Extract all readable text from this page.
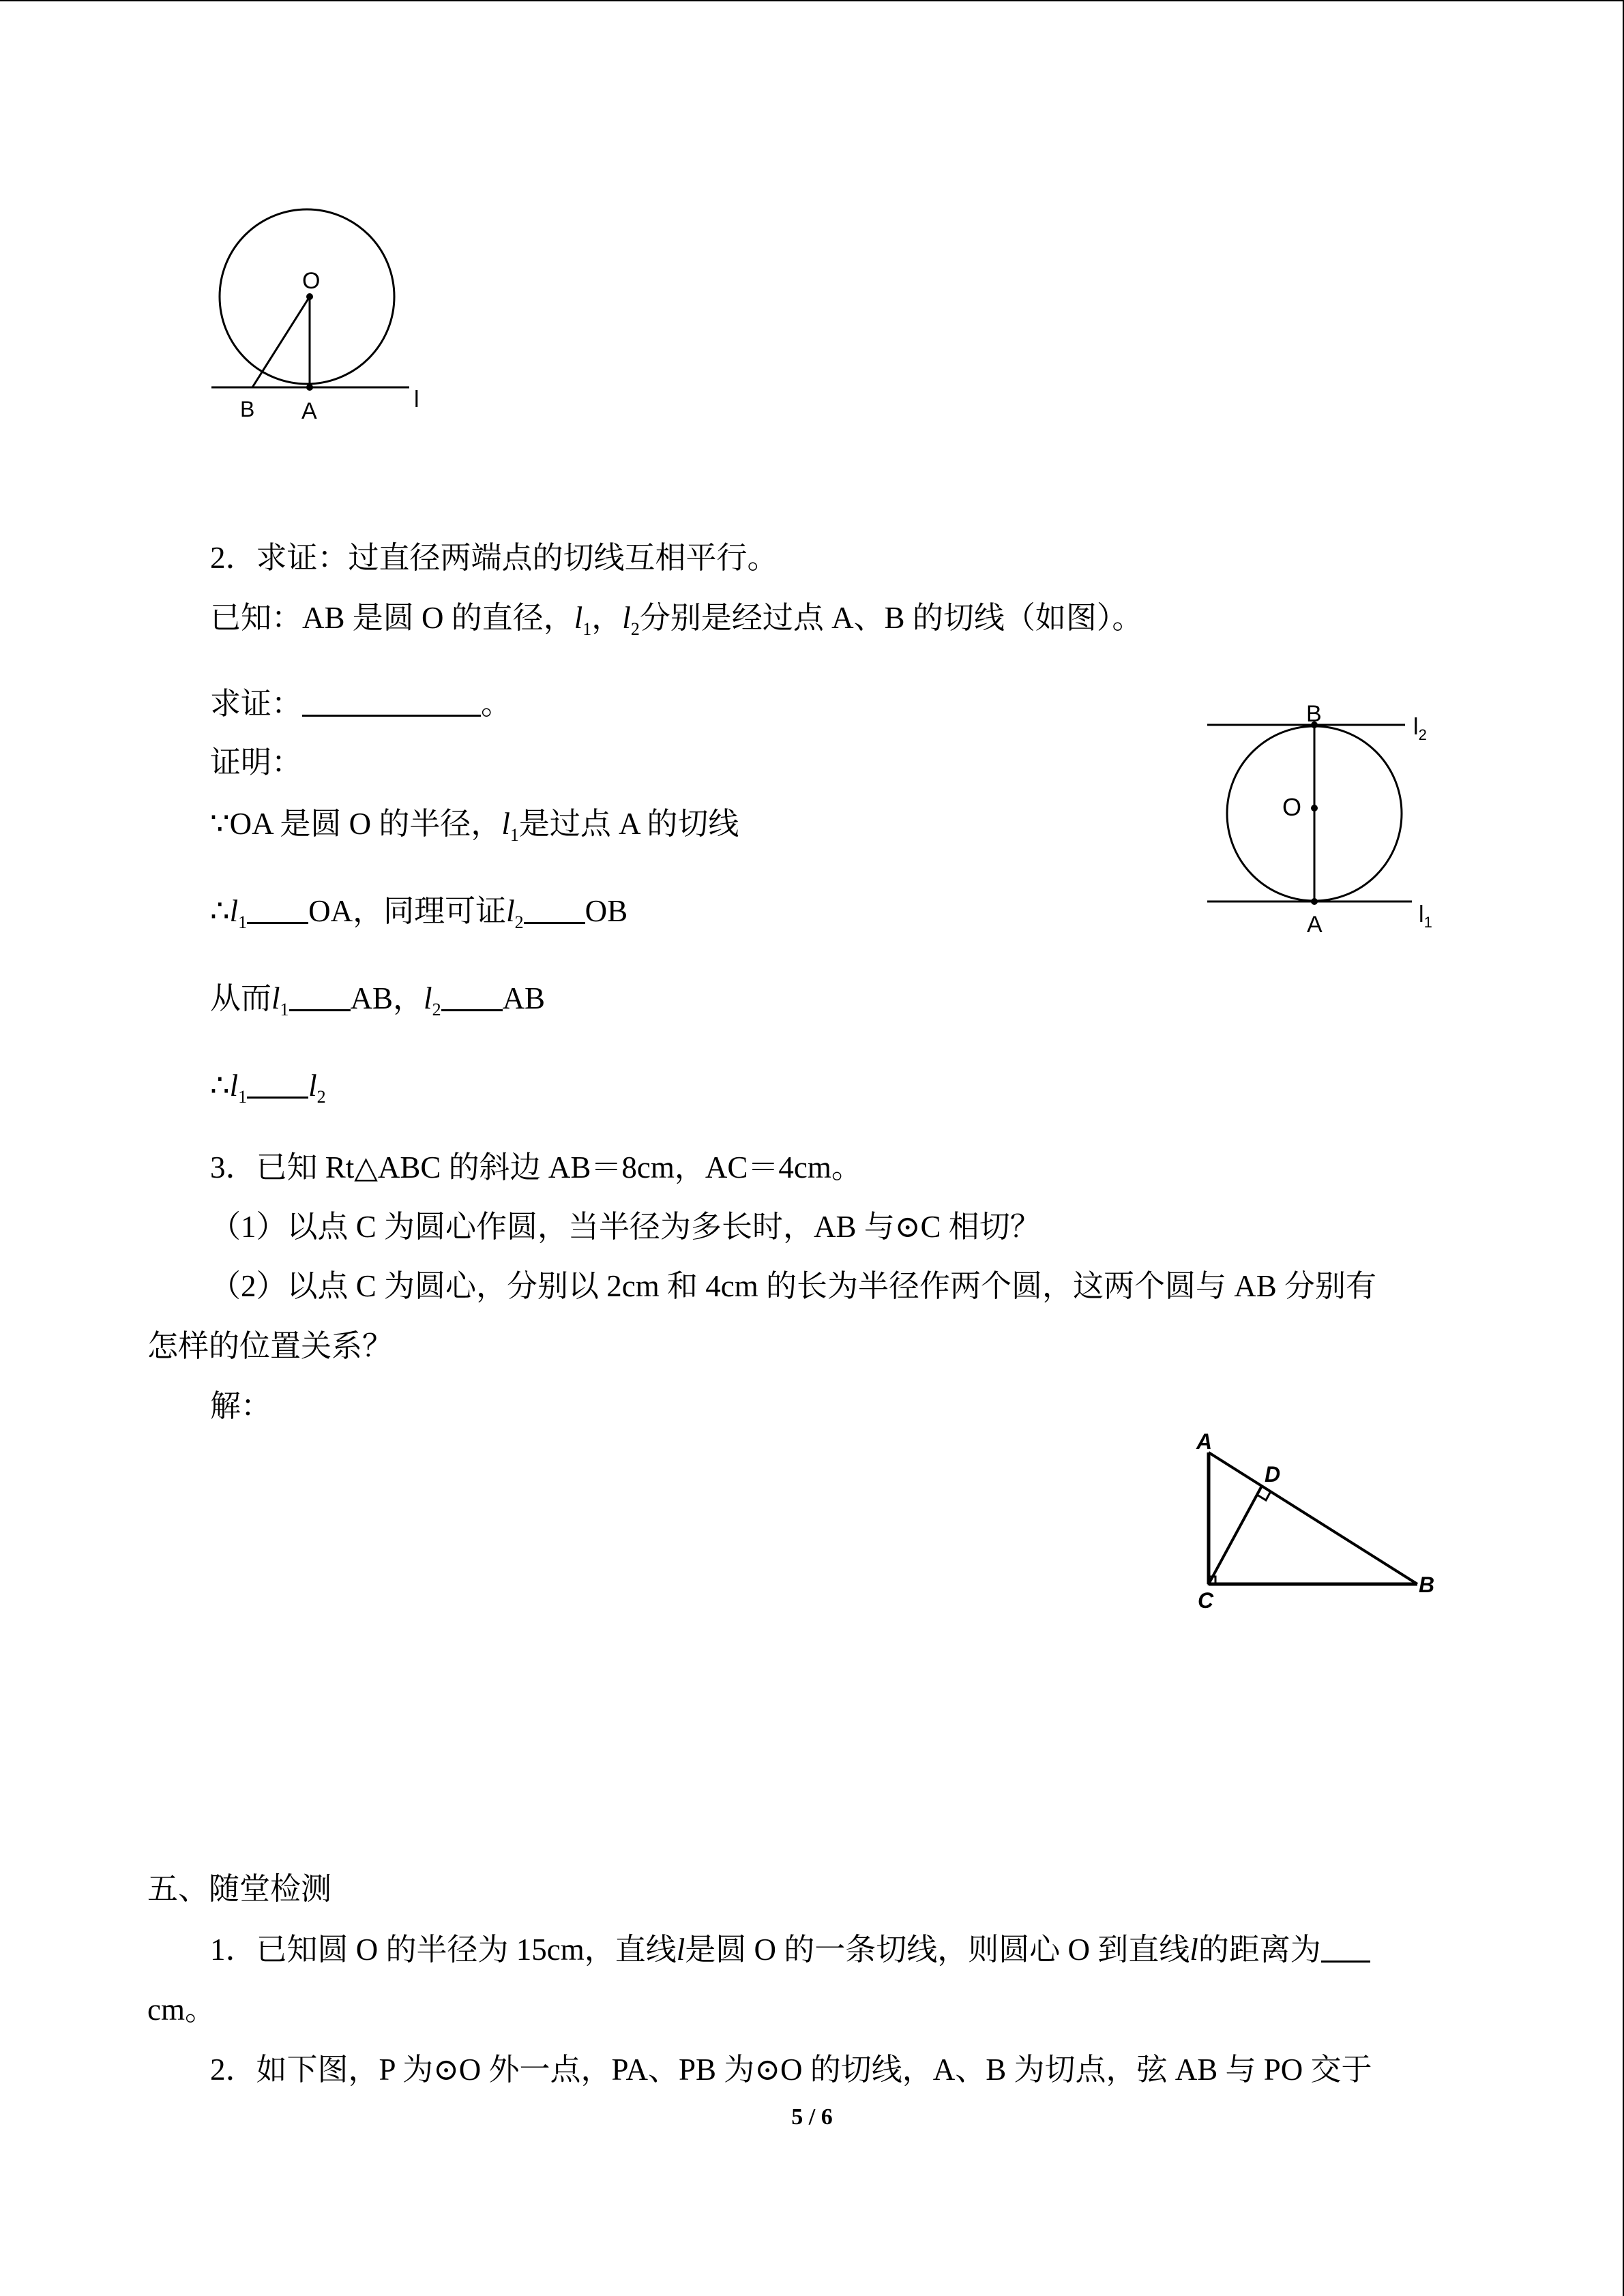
O
B A	l
2．求证：过直径两端点的切线互相平行。
已知：AB 是圆 O 的直径，$l_1$，$l_2$分别是经过点 A、B 的切线（如图）。
求证：	。
证明：
∵OA 是圆 O 的半径，$l_1$是过点 A 的切线
$\therefore l_1$ OA，同理可证$l_2$ OB
从而$l_1$ AB，$l_2$ AB
$\therefore l_1$ $l_2$
B
O
A
$l_2$
$l_1$
3．已知 Rt△ABC 的斜边 AB＝8cm，AC＝4cm。
（1）以点 C 为圆心作圆，当半径为多长时，AB 与⊙C 相切？
（2）以点 C 为圆心，分别以 2cm 和 4cm 的长为半径作两个圆，这两个圆与 AB 分别有
怎样的位置关系？
解：
A
D
C
B
五、随堂检测
1．已知圆 O 的半径为 15cm，直线l是圆 O 的一条切线，则圆心 O 到直线l的距离为
cm。
2．如下图，P 为⊙O 外一点，PA、PB 为⊙O 的切线，A、B 为切点，弦 AB 与 PO 交于
5 / 6
